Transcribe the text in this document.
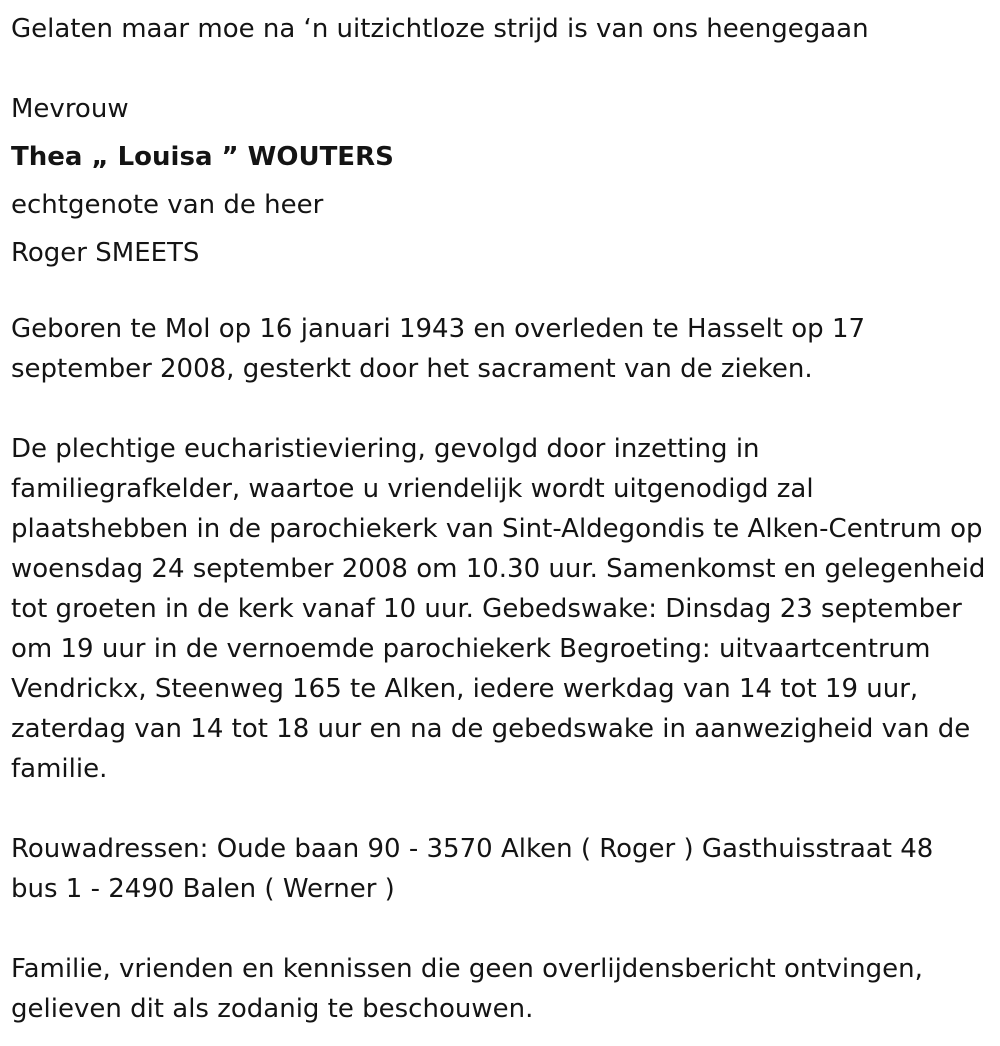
Gelaten maar moe na ‘n uitzichtloze strijd is van ons heengegaan

Mevrouw

Thea „ Louisa ” WOUTERS

echtgenote van de heer

Roger SMEETS

Geboren te Mol op 16 januari 1943 en overleden te Hasselt op 17 september 2008, gesterkt door het sacrament van de zieken.

De plechtige eucharistieviering, gevolgd door inzetting in familiegrafkelder, waartoe u vriendelijk wordt uitgenodigd zal plaatshebben in de parochiekerk van Sint-Aldegondis te Alken-Centrum op woensdag 24 september 2008 om 10.30 uur. Samenkomst en gelegenheid tot groeten in de kerk vanaf 10 uur. Gebedswake: Dinsdag 23 september om 19 uur in de vernoemde parochiekerk Begroeting: uitvaartcentrum Vendrickx, Steenweg 165 te Alken, iedere werkdag van 14 tot 19 uur, zaterdag van 14 tot 18 uur en na de gebedswake in aanwezigheid van de familie.

Rouwadressen: Oude baan 90 - 3570 Alken ( Roger ) Gasthuisstraat 48 bus 1 - 2490 Balen ( Werner )

Familie, vrienden en kennissen die geen overlijdensbericht ontvingen, gelieven dit als zodanig te beschouwen.
